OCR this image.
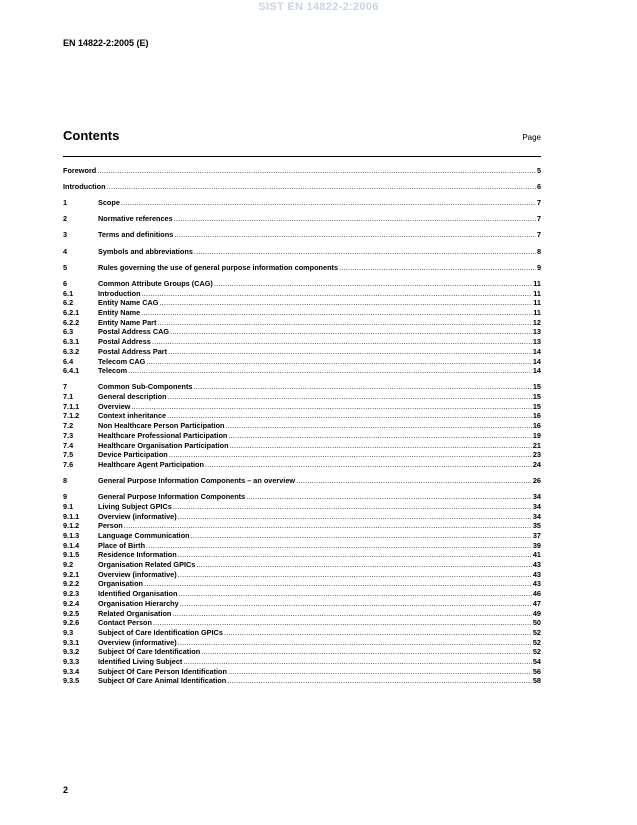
SIST EN 14822-2:2006
EN 14822-2:2005 (E)
Contents	Page
Foreword .....	5
Introduction .....	6
1	Scope .....	7
2	Normative references .....	7
3	Terms and definitions .....	7
4	Symbols and abbreviations .....	8
5	Rules governing the use of general purpose information components .....	9
6	Common Attribute Groups (CAG) .....	11
6.1	Introduction .....	11
6.2	Entity Name CAG .....	11
6.2.1	Entity Name .....	11
6.2.2	Entity Name Part .....	12
6.3	Postal Address CAG .....	13
6.3.1	Postal Address .....	13
6.3.2	Postal Address Part .....	14
6.4	Telecom CAG .....	14
6.4.1	Telecom .....	14
7	Common Sub-Components .....	15
7.1	General description .....	15
7.1.1	Overview .....	15
7.1.2	Context inheritance .....	16
7.2	Non Healthcare Person Participation .....	16
7.3	Healthcare Professional Participation .....	19
7.4	Healthcare Organisation Participation .....	21
7.5	Device Participation .....	23
7.6	Healthcare Agent Participation .....	24
8	General Purpose Information Components – an overview .....	26
9	General Purpose Information Components .....	34
9.1	Living Subject GPICs .....	34
9.1.1	Overview (informative) .....	34
9.1.2	Person .....	35
9.1.3	Language Communication .....	37
9.1.4	Place of Birth .....	39
9.1.5	Residence Information .....	41
9.2	Organisation Related GPICs .....	43
9.2.1	Overview (informative) .....	43
9.2.2	Organisation .....	43
9.2.3	Identified Organisation .....	46
9.2.4	Organisation Hierarchy .....	47
9.2.5	Related Organisation .....	49
9.2.6	Contact Person .....	50
9.3	Subject of Care Identification GPICs .....	52
9.3.1	Overview (informative) .....	52
9.3.2	Subject Of Care Identification .....	52
9.3.3	Identified Living Subject .....	54
9.3.4	Subject Of Care Person Identification .....	56
9.3.5	Subject Of Care Animal Identification .....	58
2
